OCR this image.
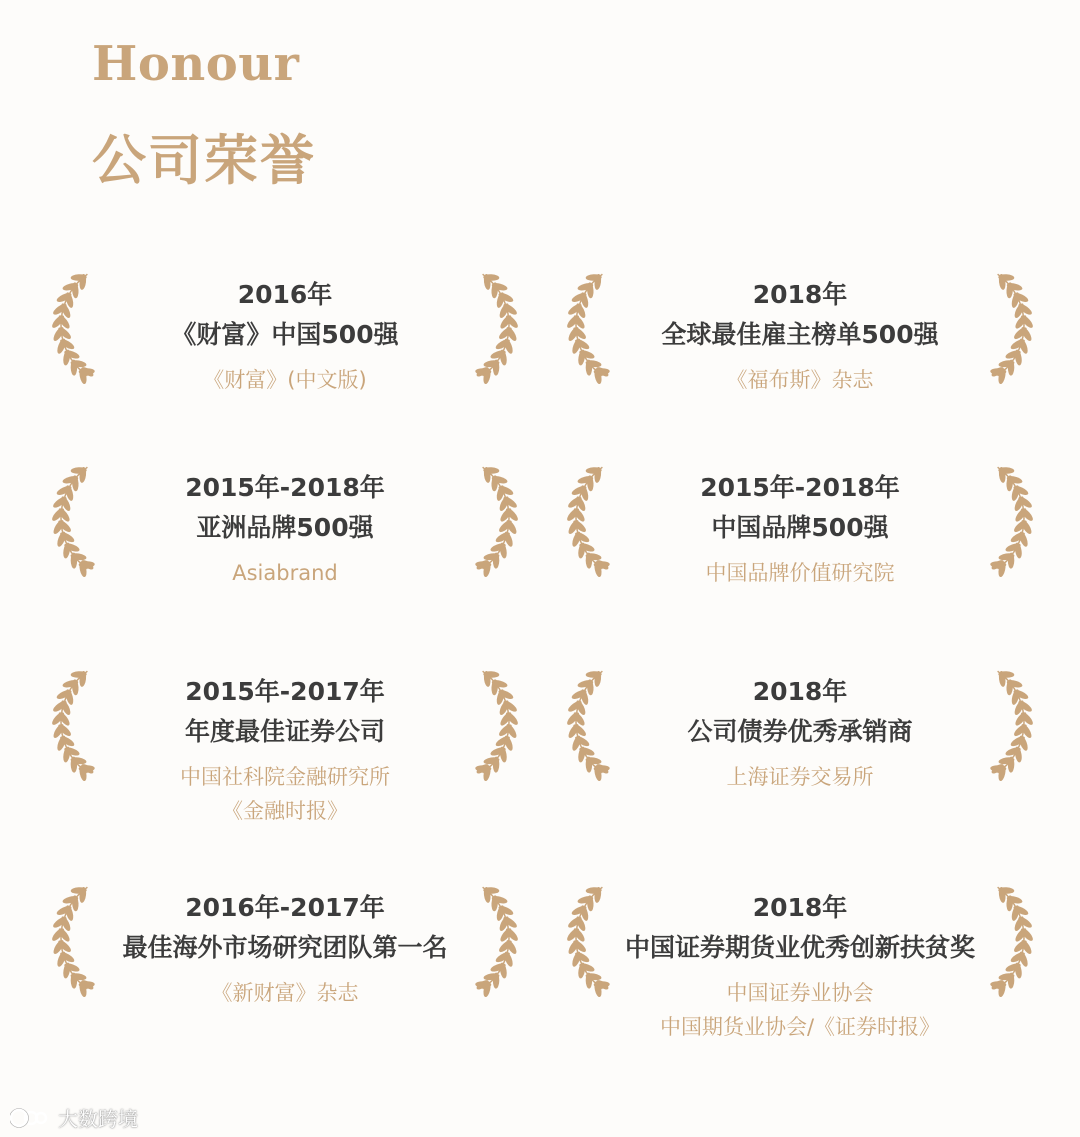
Honour
公司荣誉
2016年
《财富》中国500强
《财富》(中文版)
2018年
全球最佳雇主榜单500强
《福布斯》杂志
2015年-2018年
亚洲品牌500强
Asiabrand
2015年-2018年
中国品牌500强
中国品牌价值研究院
2015年-2017年
年度最佳证券公司
中国社科院金融研究所
《金融时报》
2018年
公司债券优秀承销商
上海证券交易所
2016年-2017年
最佳海外市场研究团队第一名
《新财富》杂志
2018年
中国证券期货业优秀创新扶贫奖
中国证券业协会
中国期货业协会/《证券时报》
大数跨境
